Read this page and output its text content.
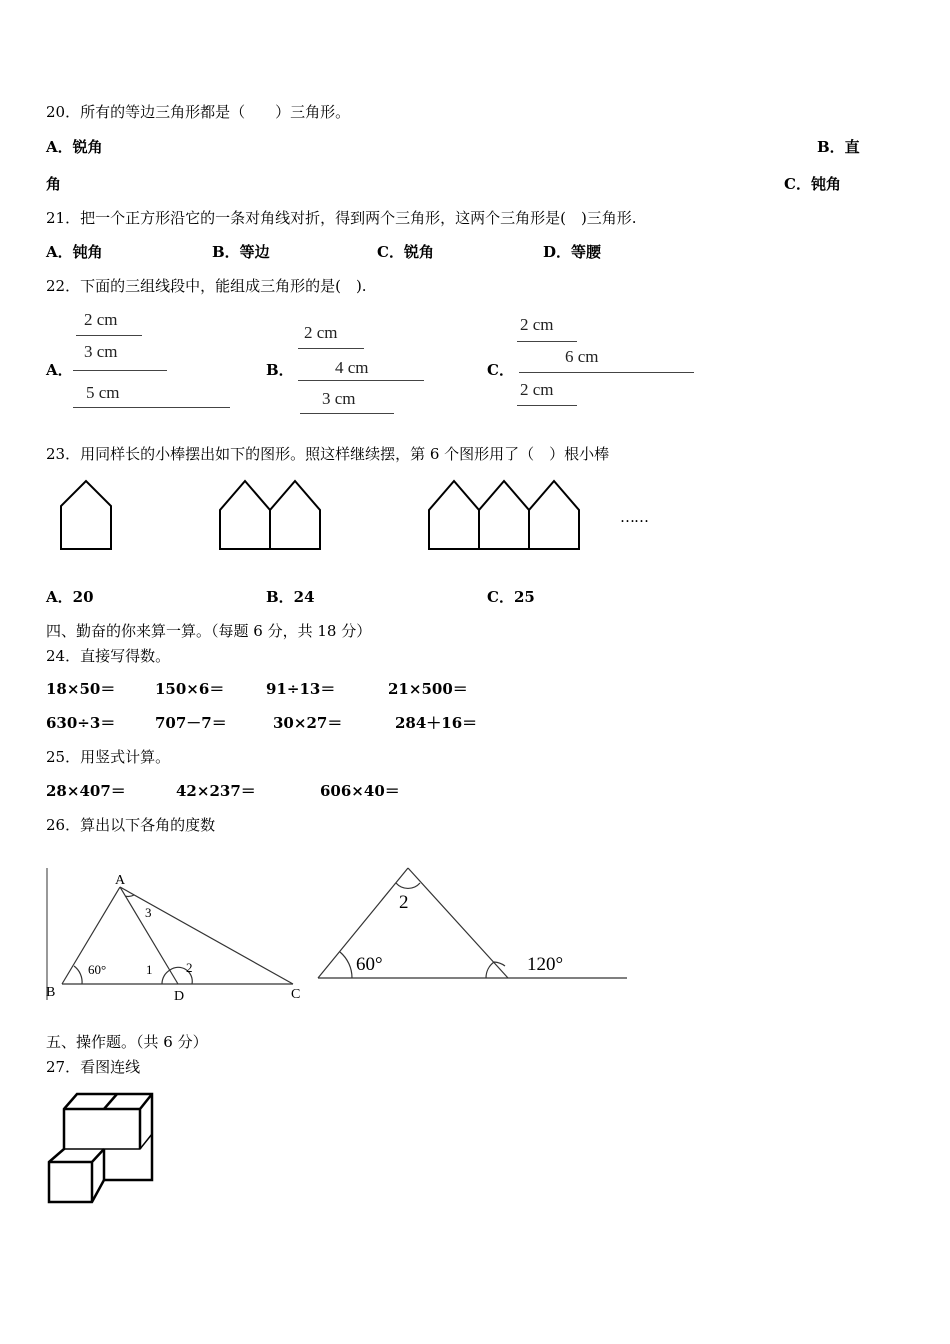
20．所有的等边三角形都是（　　）三角形。
A．锐角	B．直
角	C．钝角
21．把一个正方形沿它的一条对角线对折，得到两个三角形，这两个三角形是(　)三角形.
A．钝角	B．等边	C．锐角	D．等腰
22．下面的三组线段中，能组成三角形的是(　).
A．	B．	C．
2 cm
3 cm
5 cm
2 cm
4 cm
3 cm
2 cm
6 cm
2 cm
23．用同样长的小棒摆出如下的图形。照这样继续摆，第 6 个图形用了（　）根小棒
……
A．20	B．24	C．25
四、勤奋的你来算一算。（每题 6 分，共 18 分）
24．直接写得数。
18×50＝	150×6＝	91÷13＝	21×500＝
630÷3＝	707－7＝	30×27＝	284＋16＝
25．用竖式计算。
28×407＝	42×237＝	606×40＝
26．算出以下各角的度数
A
B	C
D
60°	1	2
3
60°
2
120°
五、操作题。（共 6 分）
27．看图连线
